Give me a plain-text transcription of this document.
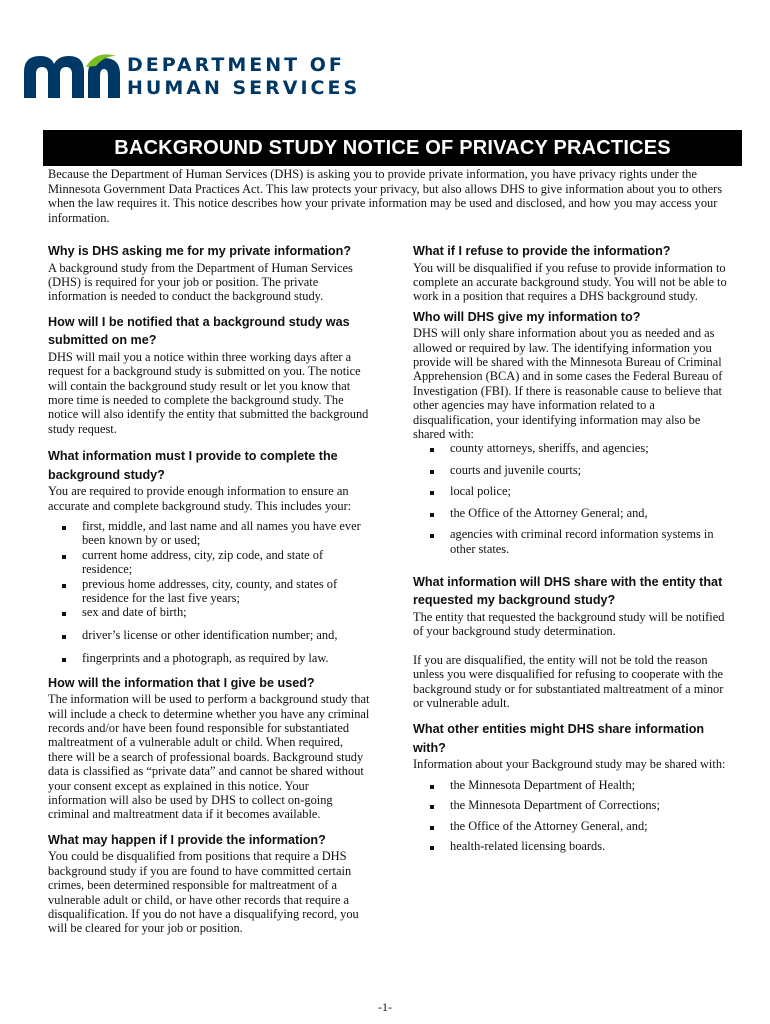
DEPARTMENT OF
HUMAN SERVICES
BACKGROUND STUDY NOTICE OF PRIVACY PRACTICES
Because the Department of Human Services (DHS) is asking you to provide private information, you have privacy rights under the Minnesota Government Data Practices Act. This law protects your privacy, but also allows DHS to give information about you to others when the law requires it. This notice describes how your private information may be used and disclosed, and how you may access your information.
Why is DHS asking me for my private information?

A background study from the Department of Human Services (DHS) is required for your job or position. The private information is needed to conduct the background study.

How will I be notified that a background study was submitted on me?

DHS will mail you a notice within three working days after a request for a background study is submitted on you. The notice will contain the background study result or let you know that more time is needed to complete the background study. The notice will also identify the entity that submitted the background study request.

What information must I provide to complete the background study?

You are required to provide enough information to ensure an accurate and complete background study. This includes your:

first, middle, and last name and all names you have ever been known by or used;
current home address, city, zip code, and state of residence;
previous home addresses, city, county, and states of residence for the last five years;
sex and date of birth;
driver’s license or other identification number; and,
fingerprints and a photograph, as required by law.
How will the information that I give be used?

The information will be used to perform a background study that will include a check to determine whether you have any criminal records and/or have been found responsible for substantiated maltreatment of a vulnerable adult or child. When required, there will be a search of professional boards. Background study data is classified as “private data” and cannot be shared without your consent except as explained in this notice. Your information will also be used by DHS to collect on-going criminal and maltreatment data if it becomes available.

What may happen if I provide the information?

You could be disqualified from positions that require a DHS background study if you are found to have committed certain crimes, been determined responsible for maltreatment of a vulnerable adult or child, or have other records that require a disqualification. If you do not have a disqualifying record, you will be cleared for your job or position.

What if I refuse to provide the information?

You will be disqualified if you refuse to provide information to complete an accurate background study. You will not be able to work in a position that requires a DHS background study.

Who will DHS give my information to?

DHS will only share information about you as needed and as allowed or required by law. The identifying information you provide will be shared with the Minnesota Bureau of Criminal Apprehension (BCA) and in some cases the Federal Bureau of Investigation (FBI). If there is reasonable cause to believe that other agencies may have information related to a disqualification, your identifying information may also be shared with:

county attorneys, sheriffs, and agencies;
courts and juvenile courts;
local police;
the Office of the Attorney General; and,
agencies with criminal record information systems in other states.
What information will DHS share with the entity that requested my background study?

The entity that requested the background study will be notified of your background study determination.

If you are disqualified, the entity will not be told the reason unless you were disqualified for refusing to cooperate with the background study or for substantiated maltreatment of a minor or vulnerable adult.

What other entities might DHS share information with?

Information about your Background study may be shared with:

the Minnesota Department of Health;
the Minnesota Department of Corrections;
the Office of the Attorney General, and;
health-related licensing boards.
-1-
